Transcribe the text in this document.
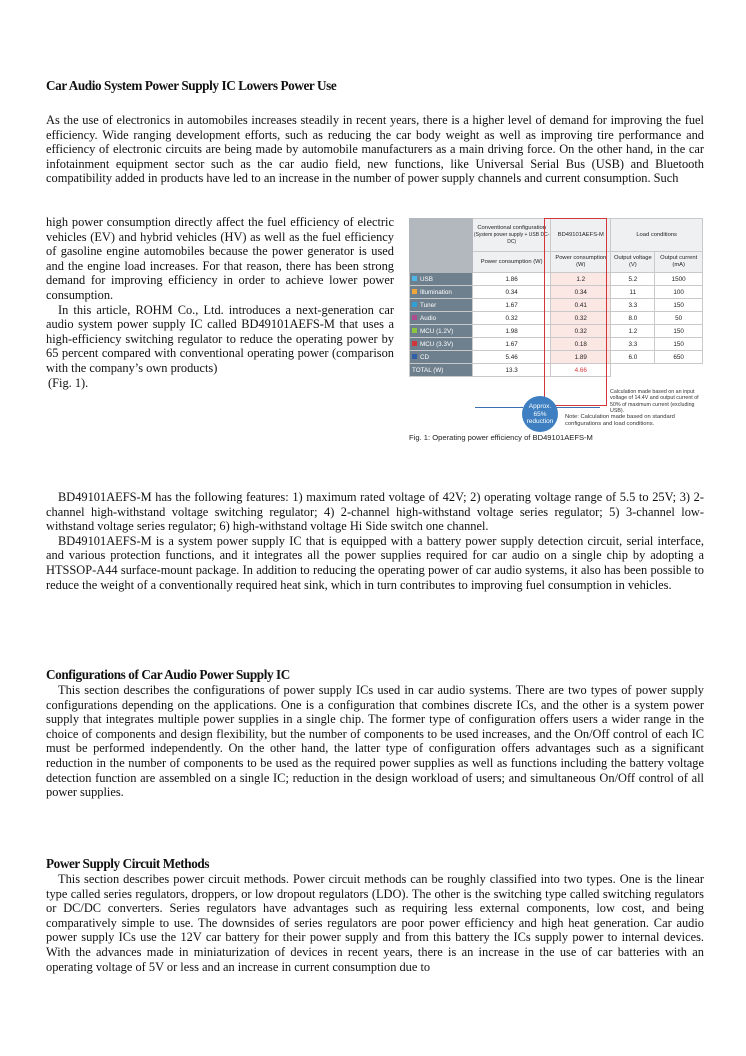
Car Audio System Power Supply IC Lowers Power Use

As the use of electronics in automobiles increases steadily in recent years, there is a higher level of demand for improving the fuel efficiency. Wide ranging development efforts, such as reducing the car body weight as well as improving tire performance and efficiency of electronic circuits are being made by automobile manufacturers as a main driving force. On the other hand, in the car infotainment equipment sector such as the car audio field, new functions, like Universal Serial Bus (USB) and Bluetooth compatibility added in products have led to an increase in the number of power supply channels and current consumption. Such

high power consumption directly affect the fuel efficiency of electric vehicles (EV) and hybrid vehicles (HV) as well as the fuel efficiency of gasoline engine automobiles because the power generator is used and the engine load increases. For that reason, there has been strong demand for improving efficiency in order to achieve lower power consumption.

In this article, ROHM Co., Ltd. introduces a next-generation car audio system power supply IC called BD49101AEFS-M that uses a high-efficiency switching regulator to reduce the operating power by 65 percent compared with conventional operating power (comparison with the company’s own products)

(Fig. 1).

	Conventional configuration
(System power supply + USB DC-DC)	BD49101AEFS-M	Load conditions	
	Power consumption (W)	Power consumption (W)	Output voltage (V)	Output current (mA)
USB	1.86	1.2	5.2	1500
Illumination	0.34	0.34	11	100
Tuner	1.67	0.41	3.3	150
Audio	0.32	0.32	8.0	50
MCU (1.2V)	1.98	0.32	1.2	150
MCU (3.3V)	1.67	0.18	3.3	150
CD	5.46	1.89	6.0	650
TOTAL (W)	13.3	4.66		
Calculation made based on an input voltage of 14.4V and output current of 50% of maximum current (excluding USB).
Approx.
65%
reduction
Note: Calculation made based on standard configurations and load conditions.
Fig. 1: Operating power efficiency of BD49101AEFS-M

BD49101AEFS-M has the following features: 1) maximum rated voltage of 42V; 2) operating voltage range of 5.5 to 25V; 3) 2-channel high-withstand voltage switching regulator; 4) 2-channel high-withstand voltage series regulator; 5) 3-channel low-withstand voltage series regulator; 6) high-withstand voltage Hi Side switch one channel.

BD49101AEFS-M is a system power supply IC that is equipped with a battery power supply detection circuit, serial interface, and various protection functions, and it integrates all the power supplies required for car audio on a single chip by adopting a HTSSOP-A44 surface-mount package. In addition to reducing the operating power of car audio systems, it also has been possible to reduce the weight of a conventionally required heat sink, which in turn contributes to improving fuel consumption in vehicles.

Configurations of Car Audio Power Supply IC

This section describes the configurations of power supply ICs used in car audio systems. There are two types of power supply configurations depending on the applications. One is a configuration that combines discrete ICs, and the other is a system power supply that integrates multiple power supplies in a single chip. The former type of configuration offers users a wider range in the choice of components and design flexibility, but the number of components to be used increases, and the On/Off control of each IC must be performed independently. On the other hand, the latter type of configuration offers advantages such as a significant reduction in the number of components to be used as the required power supplies as well as functions including the battery voltage detection function are assembled on a single IC; reduction in the design workload of users; and simultaneous On/Off control of all power supplies.

Power Supply Circuit Methods

This section describes power circuit methods. Power circuit methods can be roughly classified into two types. One is the linear type called series regulators, droppers, or low dropout regulators (LDO). The other is the switching type called switching regulators or DC/DC converters. Series regulators have advantages such as requiring less external components, low cost, and being comparatively simple to use. The downsides of series regulators are poor power efficiency and high heat generation. Car audio power supply ICs use the 12V car battery for their power supply and from this battery the ICs supply power to internal devices. With the advances made in miniaturization of devices in recent years, there is an increase in the use of car batteries with an operating voltage of 5V or less and an increase in current consumption due to
